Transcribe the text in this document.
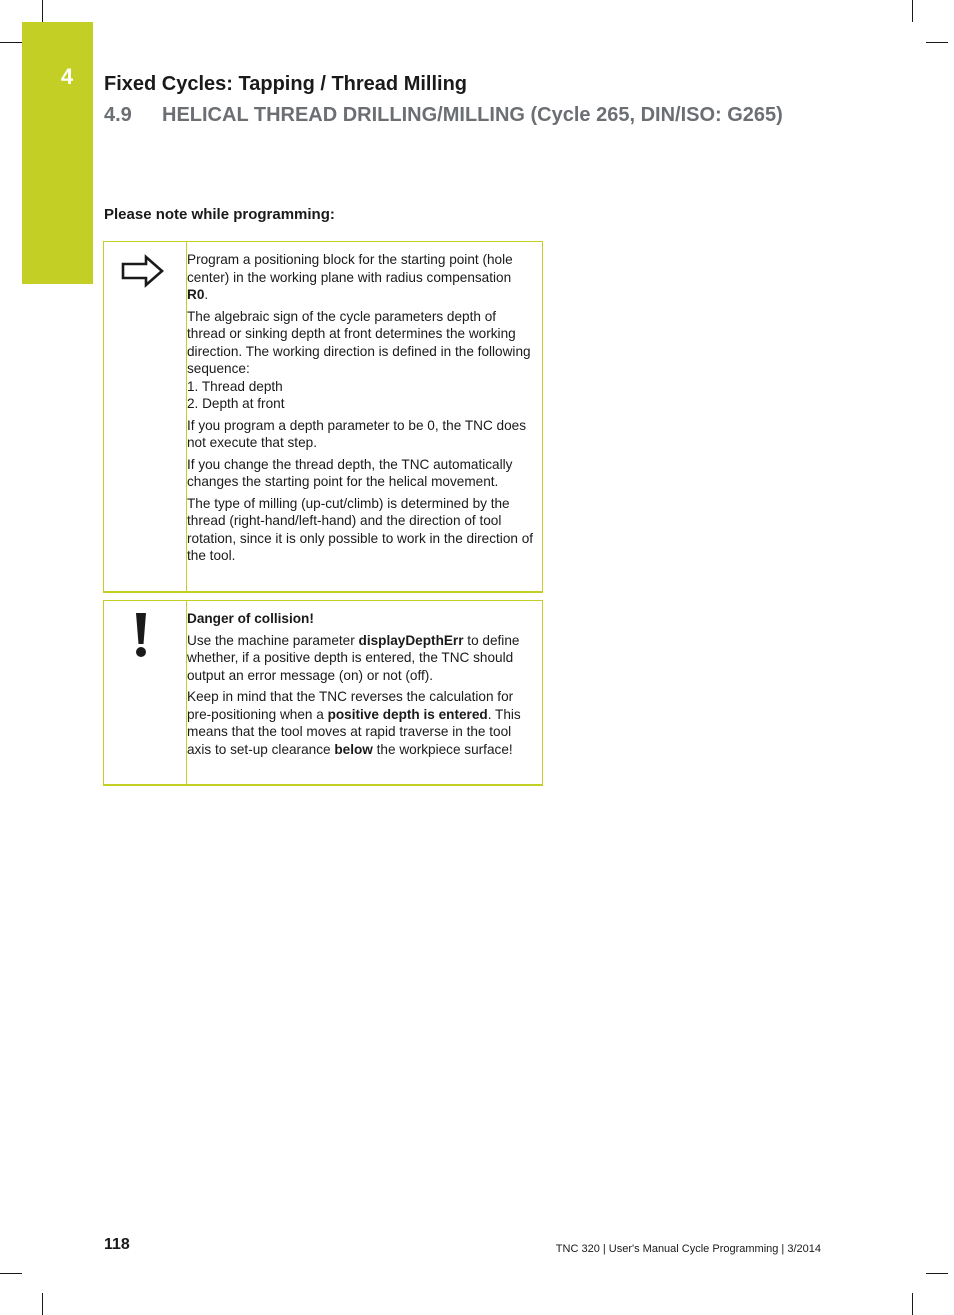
4	Fixed Cycles: Tapping / Thread Milling
4.9 HELICAL THREAD DRILLING/MILLING (Cycle 265, DIN/ISO: G265)
Please note while programming:

Program a positioning block for the starting point (hole center) in the working plane with radius compensation R0.

The algebraic sign of the cycle parameters depth of thread or sinking depth at front determines the working direction. The working direction is defined in the following sequence:
1. Thread depth
2. Depth at front

If you program a depth parameter to be 0, the TNC does not execute that step.

If you change the thread depth, the TNC automatically changes the starting point for the helical movement.

The type of milling (up-cut/climb) is determined by the thread (right-hand/left-hand) and the direction of tool rotation, since it is only possible to work in the direction of the tool.

Danger of collision!

Use the machine parameter displayDepthErr to define whether, if a positive depth is entered, the TNC should output an error message (on) or not (off).

Keep in mind that the TNC reverses the calculation for pre-positioning when a positive depth is entered. This means that the tool moves at rapid traverse in the tool axis to set-up clearance below the workpiece surface!

118	TNC 320 | User's Manual Cycle Programming | 3/2014
